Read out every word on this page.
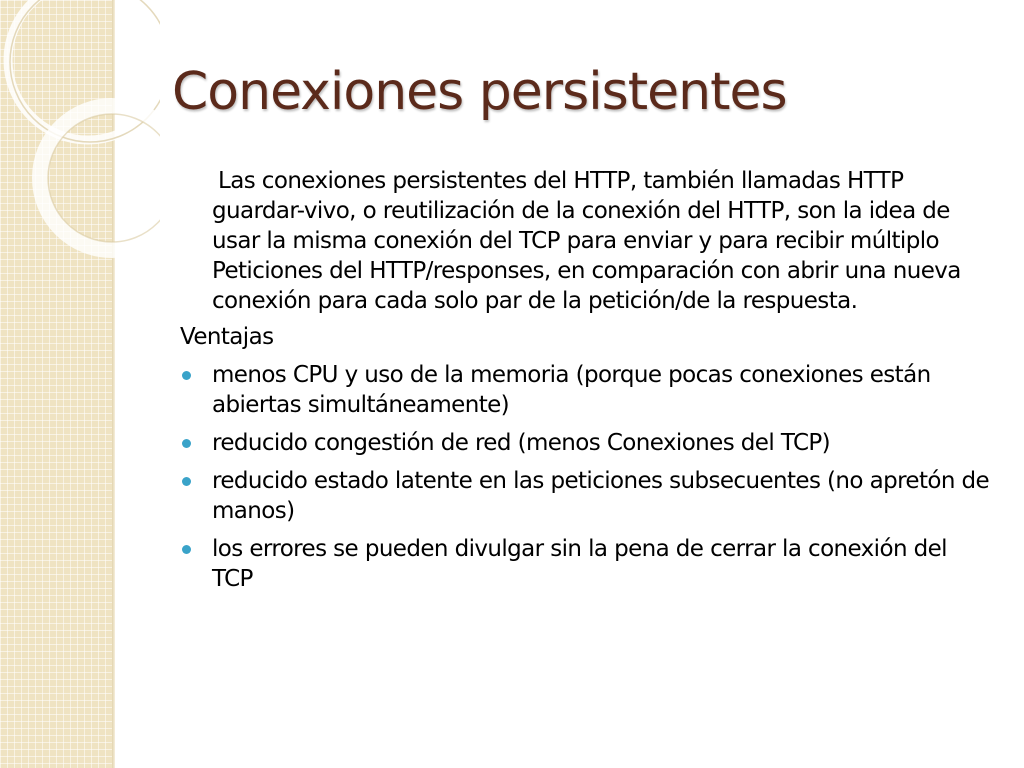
Conexiones persistentes

Las conexiones persistentes del HTTP, también llamadas HTTP guardar-vivo, o reutilización de la conexión del HTTP, son la idea de usar la misma conexión del TCP para enviar y para recibir múltiplo Peticiones del HTTP/responses, en comparación con abrir una nueva conexión para cada solo par de la petición/de la respuesta.

Ventajas

menos CPU y uso de la memoria (porque pocas conexiones están abiertas simultáneamente)
reducido congestión de red (menos Conexiones del TCP)
reducido estado latente en las peticiones subsecuentes (no apretón de manos)
los errores se pueden divulgar sin la pena de cerrar la conexión del TCP
